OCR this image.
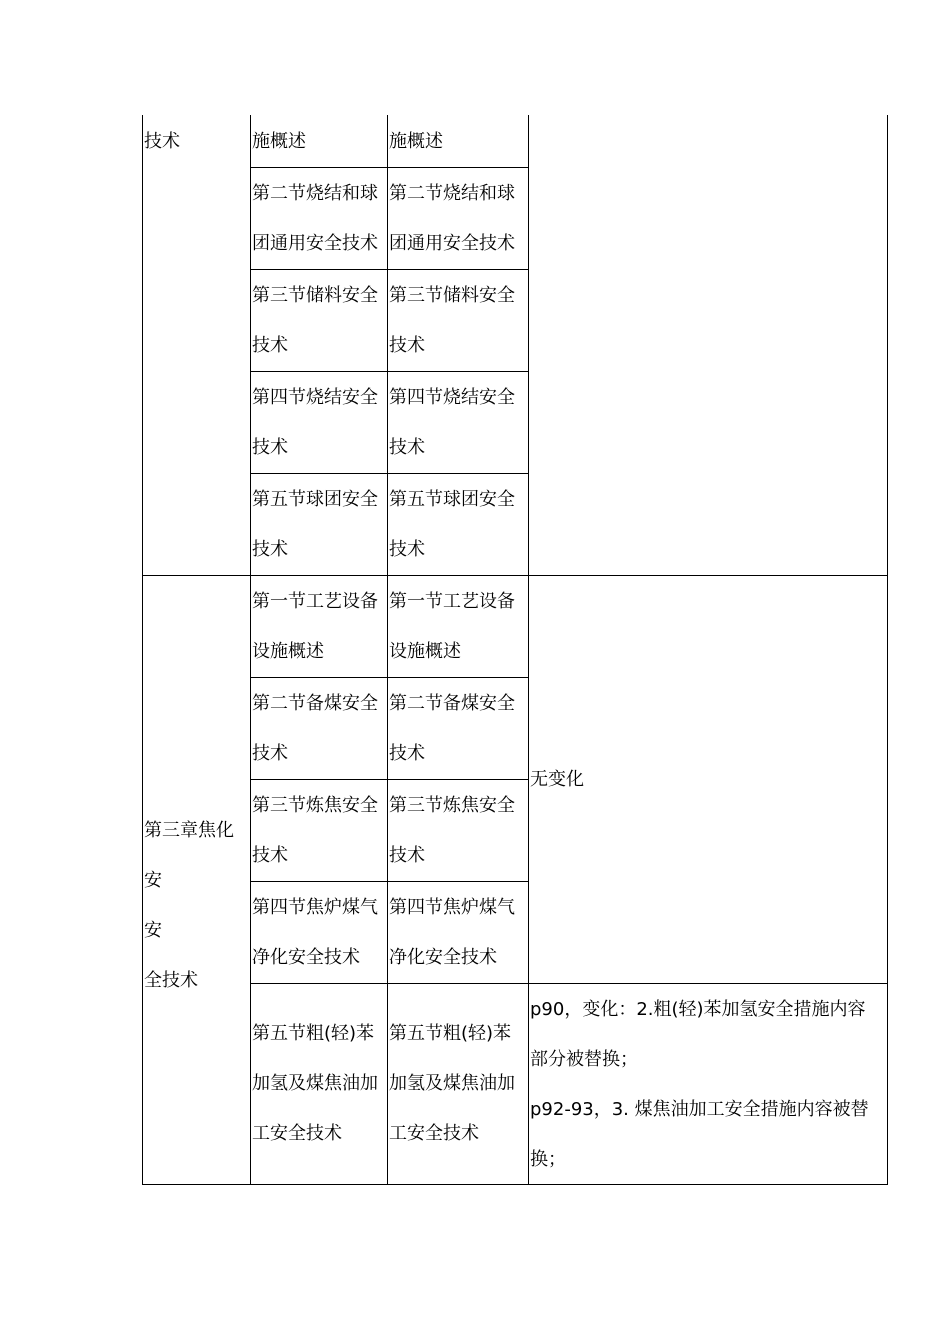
技术
第三章焦化安
安
全技术
施概述	施概述
第二节烧结和球
团通用安全技术
第二节烧结和球
团通用安全技术
第三节储料安全
技术
第三节储料安全
技术
第四节烧结安全
技术
第四节烧结安全
技术
第五节球团安全
技术
第五节球团安全
技术
第一节工艺设备
设施概述
第一节工艺设备
设施概述
第二节备煤安全
技术
第二节备煤安全
技术
第三节炼焦安全
技术
第三节炼焦安全
技术
第四节焦炉煤气
净化安全技术
第四节焦炉煤气
净化安全技术
第五节粗(轻)苯
加氢及煤焦油加
工安全技术
第五节粗(轻)苯
加氢及煤焦油加
工安全技术
无变化
p90，变化：2.粗(轻)苯加氢安全措施内容
部分被替换；
p92-93，3. 煤焦油加工安全措施内容被替
换；
